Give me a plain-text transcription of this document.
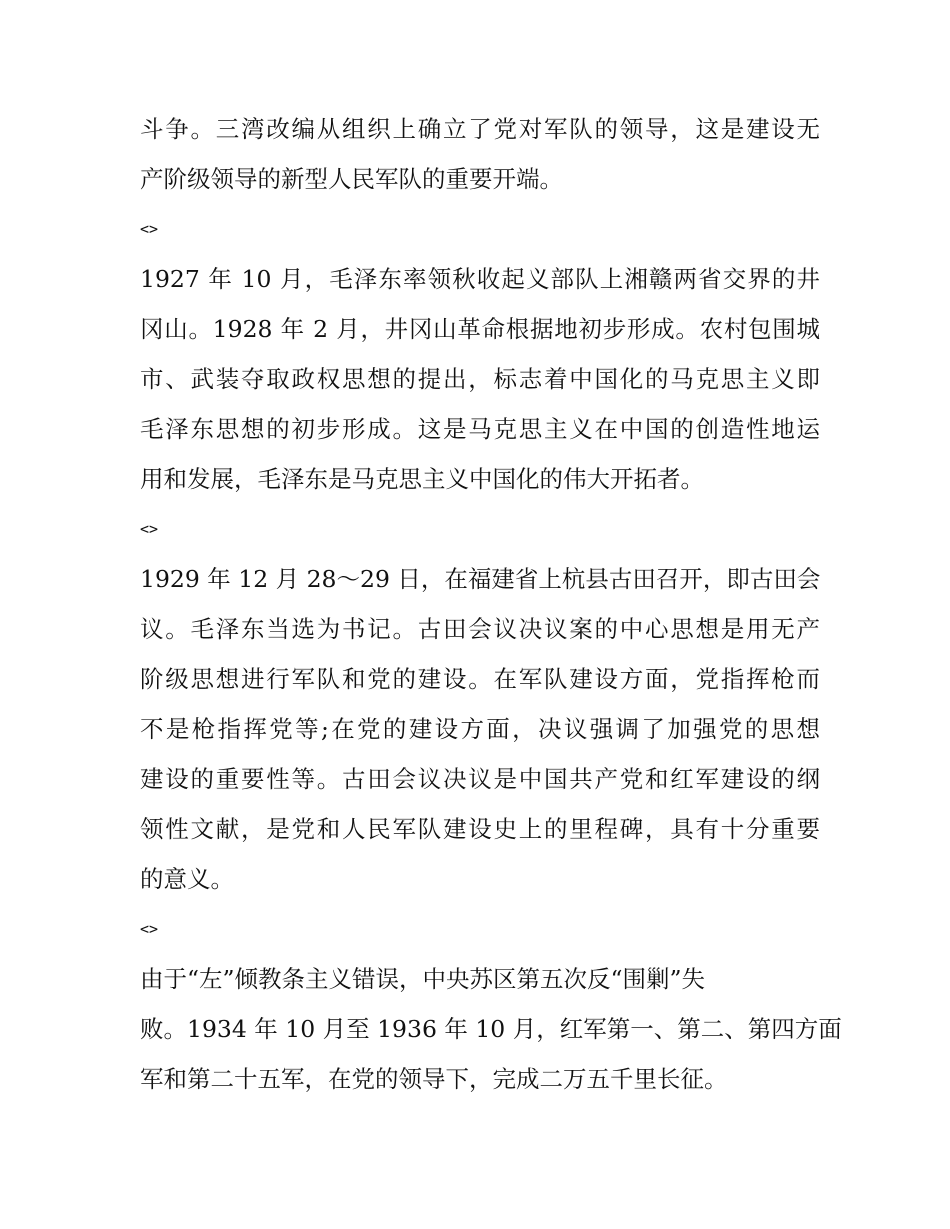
斗争。三湾改编从组织上确立了党对军队的领导，这是建设无
产阶级领导的新型人民军队的重要开端。
<>
1927 年 10 月，毛泽东率领秋收起义部队上湘赣两省交界的井
冈山。1928 年 2 月，井冈山革命根据地初步形成。农村包围城
市、武装夺取政权思想的提出，标志着中国化的马克思主义即
毛泽东思想的初步形成。这是马克思主义在中国的创造性地运
用和发展，毛泽东是马克思主义中国化的伟大开拓者。
<>
1929 年 12 月 28～29 日，在福建省上杭县古田召开，即古田会
议。毛泽东当选为书记。古田会议决议案的中心思想是用无产
阶级思想进行军队和党的建设。在军队建设方面，党指挥枪而
不是枪指挥党等;在党的建设方面，决议强调了加强党的思想
建设的重要性等。古田会议决议是中国共产党和红军建设的纲
领性文献，是党和人民军队建设史上的里程碑，具有十分重要
的意义。
<>
由于“左”倾教条主义错误，中央苏区第五次反“围剿”失
败。1934 年 10 月至 1936 年 10 月，红军第一、第二、第四方面
军和第二十五军，在党的领导下，完成二万五千里长征。
